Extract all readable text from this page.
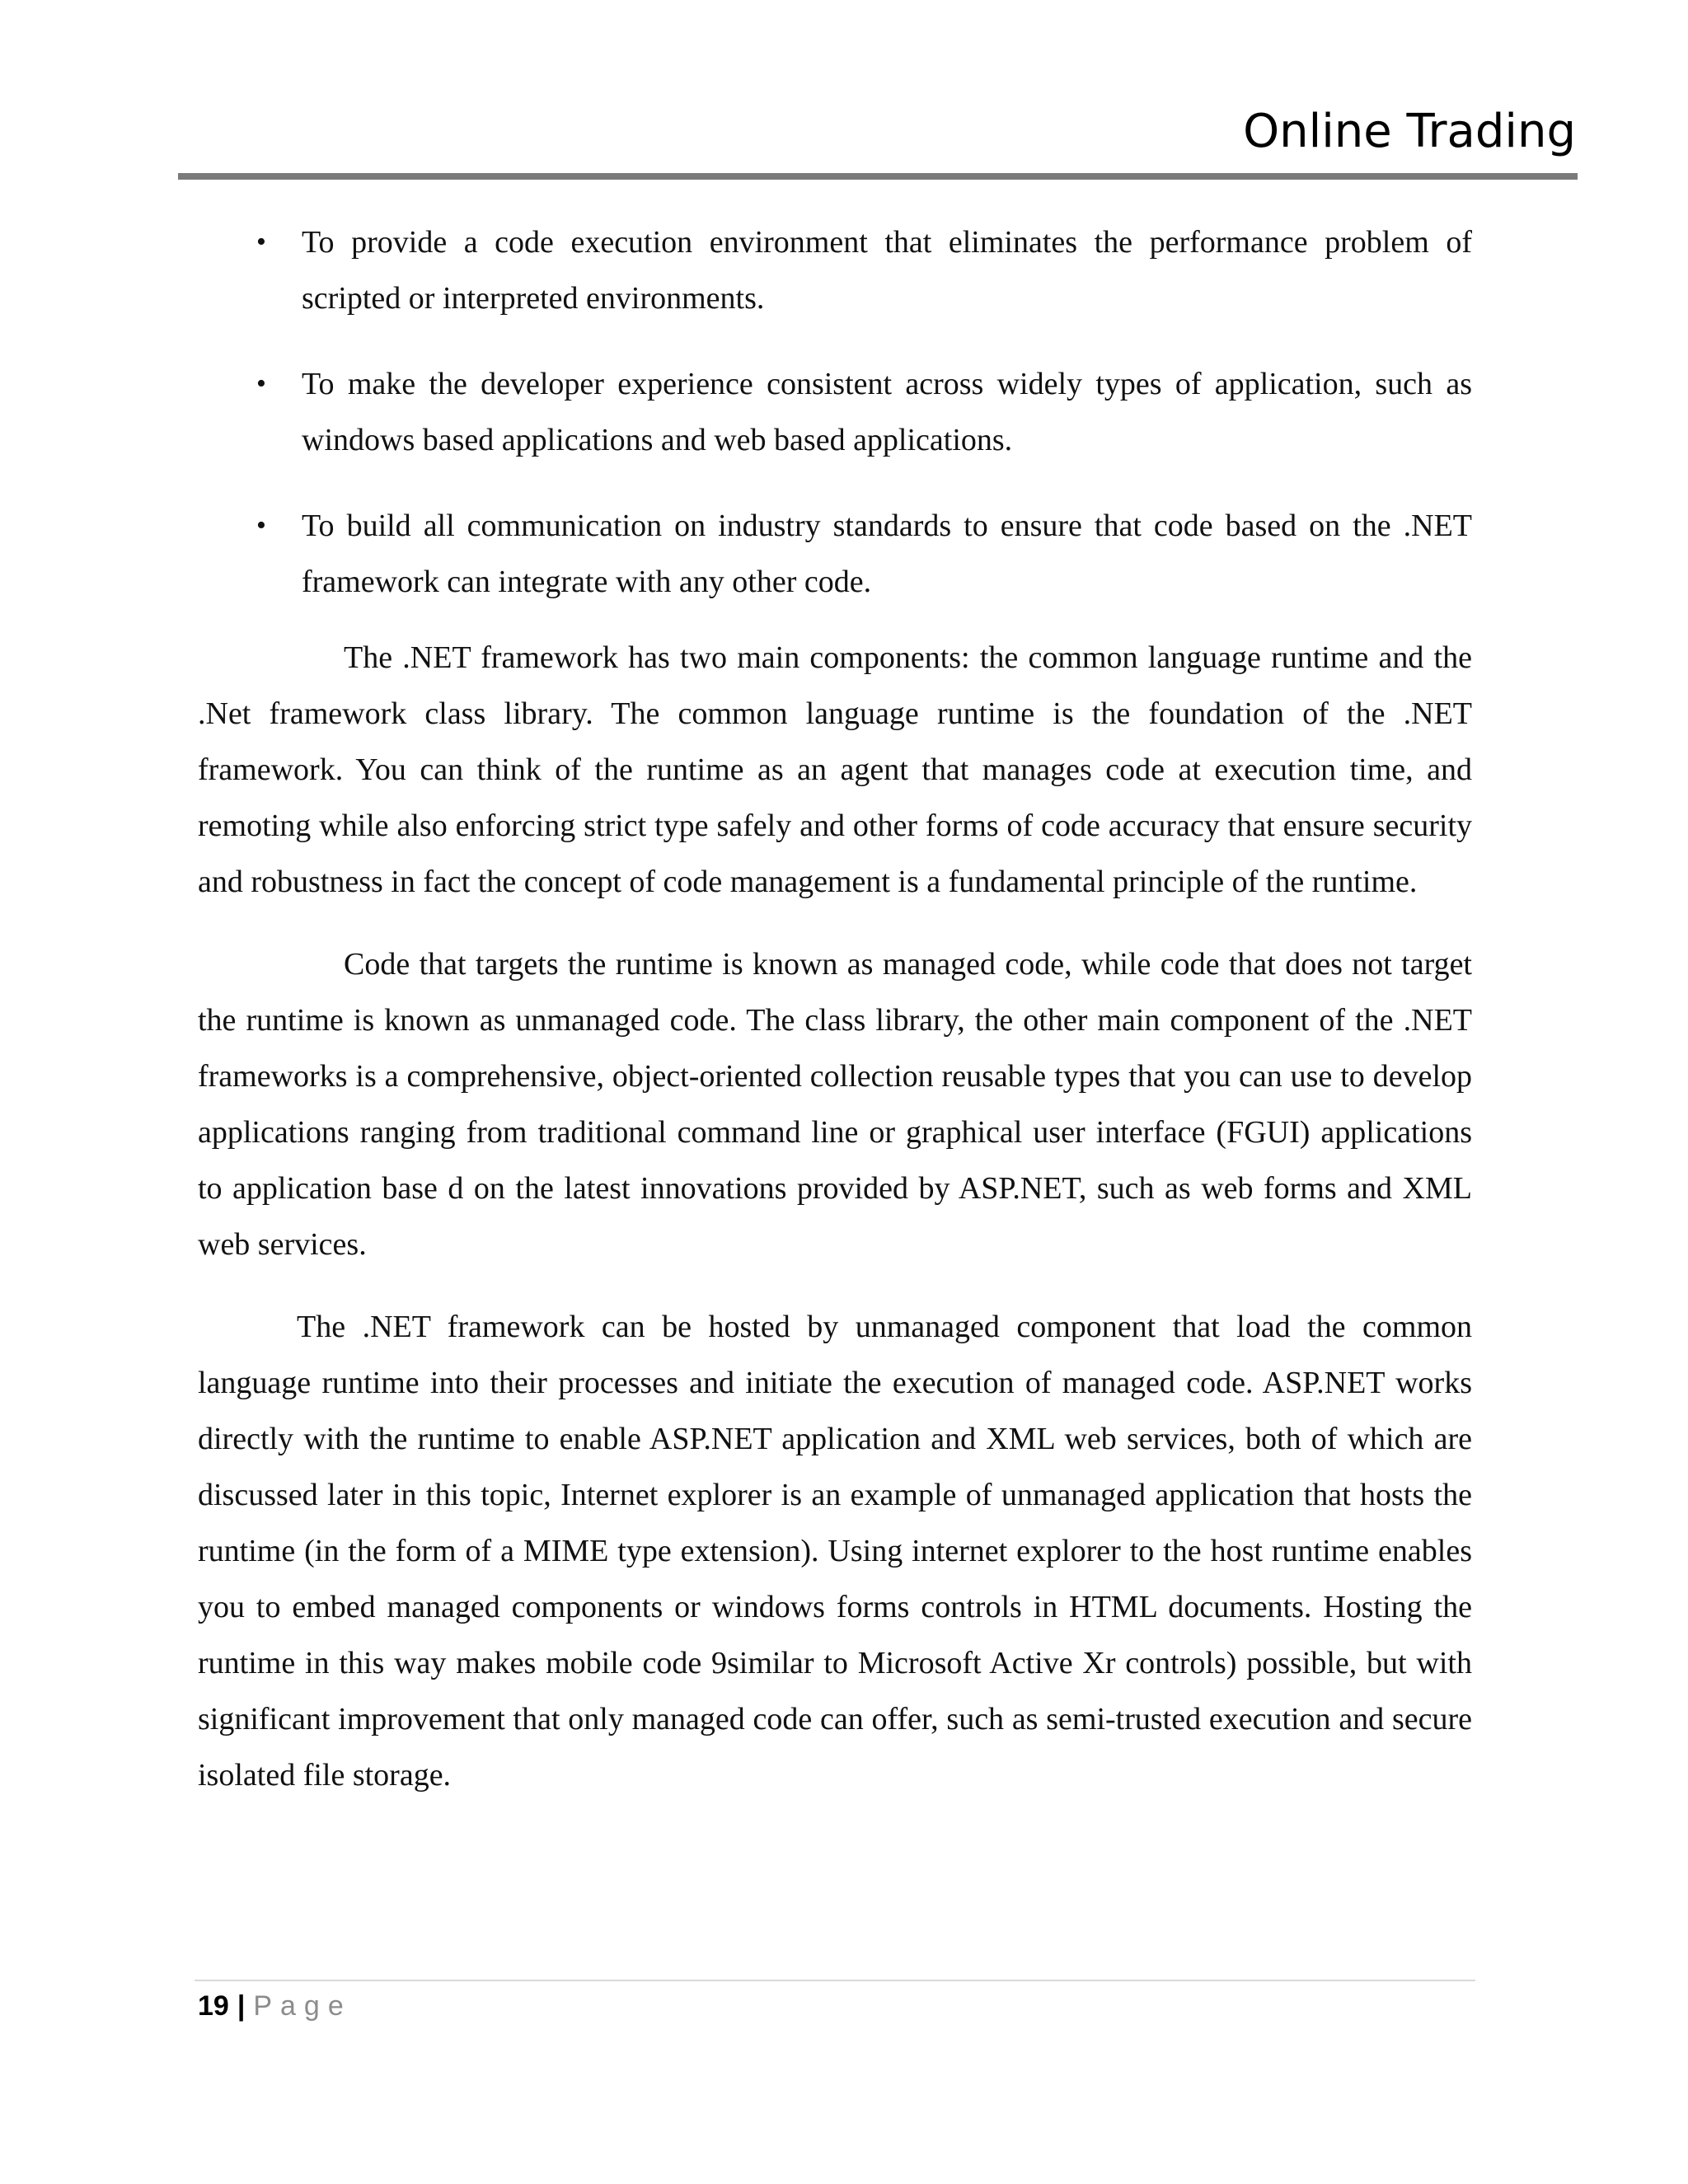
Online Trading
• To provide a code execution environment that eliminates the performance problem of scripted or interpreted environments.
• To make the developer experience consistent across widely types of application, such as windows based applications and web based applications.
• To build all communication on industry standards to ensure that code based on the .NET framework can integrate with any other code.

The .NET framework has two main components: the common language runtime and the .Net framework class library. The common language runtime is the foundation of the .NET framework. You can think of the runtime as an agent that manages code at execution time, and remoting while also enforcing strict type safely and other forms of code accuracy that ensure security and robustness in fact the concept of code management is a fundamental principle of the runtime.

Code that targets the runtime is known as managed code, while code that does not target the runtime is known as unmanaged code. The class library, the other main component of the .NET frameworks is a comprehensive, object-oriented collection reusable types that you can use to develop applications ranging from traditional command line or graphical user interface (FGUI) applications to application base d on the latest innovations provided by ASP.NET, such as web forms and XML web services.

The .NET framework can be hosted by unmanaged component that load the common language runtime into their processes and initiate the execution of managed code. ASP.NET works directly with the runtime to enable ASP.NET application and XML web services, both of which are discussed later in this topic, Internet explorer is an example of unmanaged application that hosts the runtime (in the form of a MIME type extension). Using internet explorer to the host runtime enables you to embed managed components or windows forms controls in HTML documents. Hosting the runtime in this way makes mobile code 9similar to Microsoft Active Xr controls) possible, but with significant improvement that only managed code can offer, such as semi-trusted execution and secure isolated file storage.

19 | Page
